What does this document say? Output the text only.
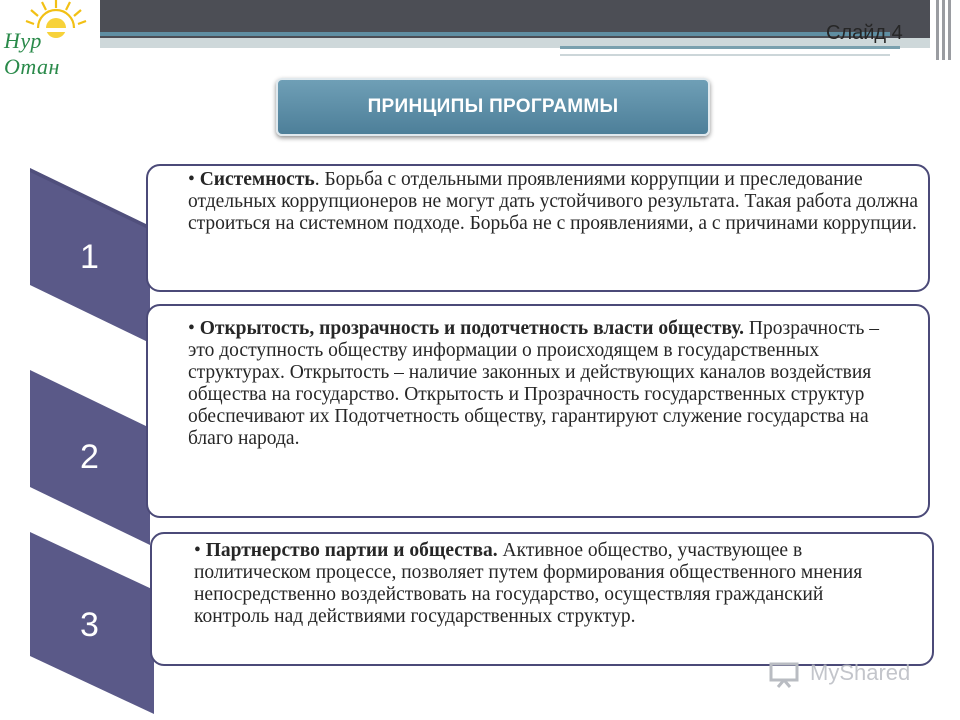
Нур Отан
Слайд 4
ПРИНЦИПЫ ПРОГРАММЫ
1
2
3
• Системность. Борьба с отдельными проявлениями коррупции и преследование отдельных коррупционеров не могут дать устойчивого результата. Такая работа должна строиться на системном подходе. Борьба не с проявлениями, а с причинами коррупции.
• Открытость, прозрачность и подотчетность власти обществу. Прозрачность – это доступность обществу информации о происходящем в государственных структурах. Открытость – наличие законных и действующих каналов воздействия общества на государство. Открытость и Прозрачность государственных структур обеспечивают их Подотчетность обществу, гарантируют служение государства на благо народа.
• Партнерство партии и общества. Активное общество, участвующее в политическом процессе, позволяет путем формирования общественного мнения непосредственно воздействовать на государство, осуществляя гражданский контроль над действиями государственных структур.
MyShared
